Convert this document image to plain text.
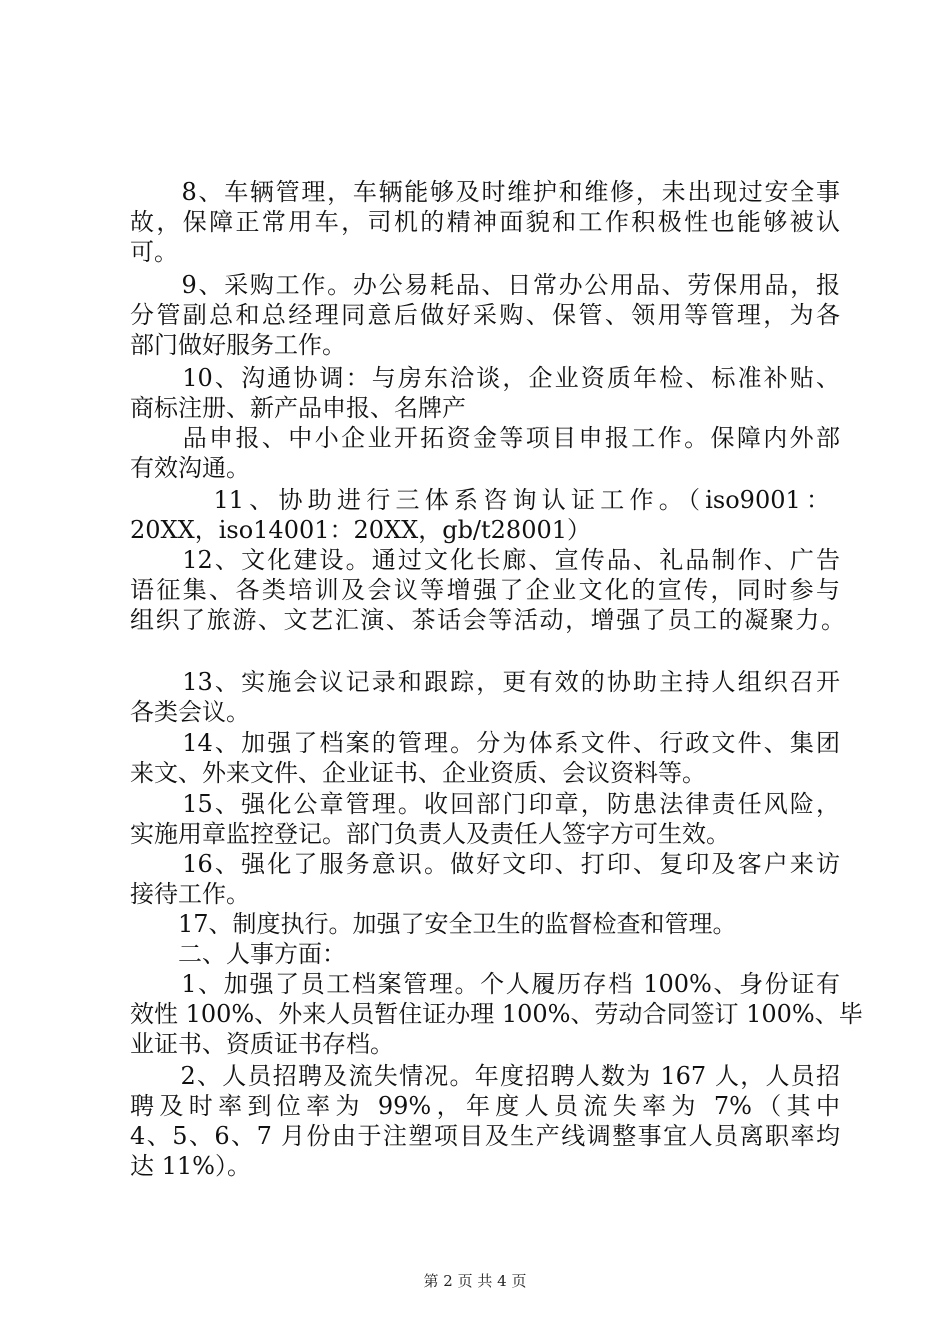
　　8、车辆管理，车辆能够及时维护和维修，未出现过安全事
故，保障正常用车，司机的精神面貌和工作积极性也能够被认
可。
　　9、采购工作。办公易耗品、日常办公用品、劳保用品，报
分管副总和总经理同意后做好采购、保管、领用等管理，为各
部门做好服务工作。
　　10、沟通协调：与房东洽谈，企业资质年检、标准补贴、
商标注册、新产品申报、名牌产
　　品申报、中小企业开拓资金等项目申报工作。保障内外部
有效沟通。
　　11、协助进行三体系咨询认证工作。（iso9001：
20XX，iso14001：20XX，gb/t28001）
　　12、文化建设。通过文化长廊、宣传品、礼品制作、广告
语征集、各类培训及会议等增强了企业文化的宣传，同时参与
组织了旅游、文艺汇演、茶话会等活动，增强了员工的凝聚力。
　　13、实施会议记录和跟踪，更有效的协助主持人组织召开
各类会议。
　　14、加强了档案的管理。分为体系文件、行政文件、集团
来文、外来文件、企业证书、企业资质、会议资料等。
　　15、强化公章管理。收回部门印章，防患法律责任风险，
实施用章监控登记。部门负责人及责任人签字方可生效。
　　16、强化了服务意识。做好文印、打印、复印及客户来访
接待工作。
　　17、制度执行。加强了安全卫生的监督检查和管理。
　　二、人事方面：
　　1、加强了员工档案管理。个人履历存档 100%、身份证有
效性 100%、外来人员暂住证办理 100%、劳动合同签订 100%、毕
业证书、资质证书存档。
　　2、人员招聘及流失情况。年度招聘人数为 167 人，人员招
聘及时率到位率为 99%，年度人员流失率为 7%（其中
4、5、6、7 月份由于注塑项目及生产线调整事宜人员离职率均
达 11%）。
第 2 页 共 4 页
